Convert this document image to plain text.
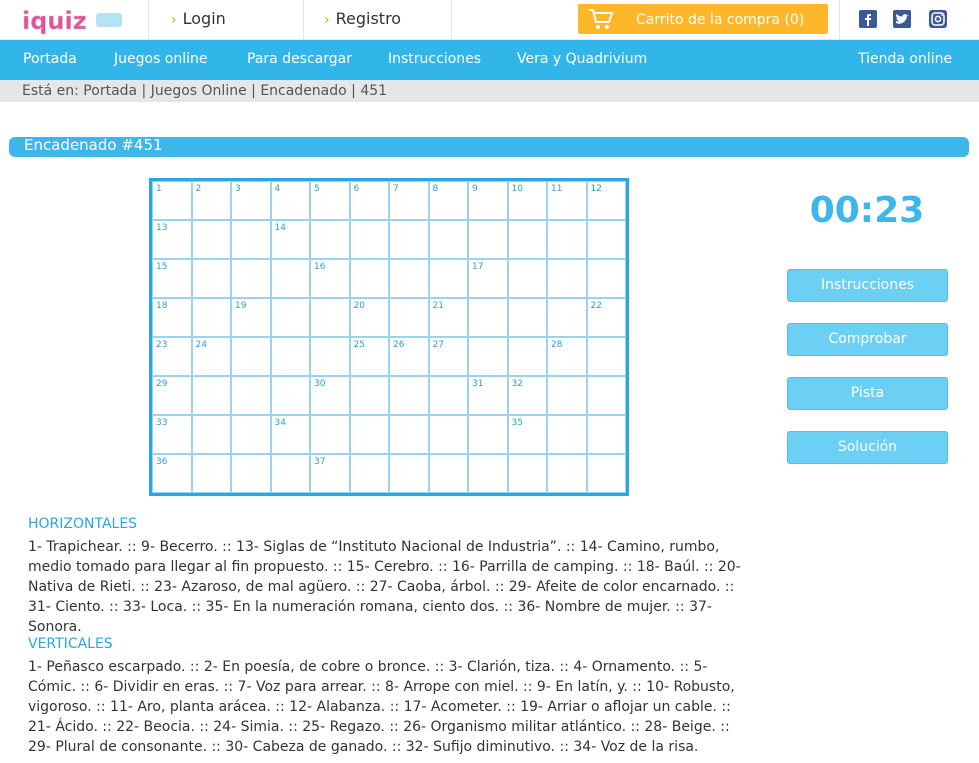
iquiz	› Login	› Registro	Carrito de la compra (0)
Portada	Juegos online	Para descargar	Instrucciones	Vera y Quadrivium	Tienda online
Está en: Portada | Juegos Online | Encadenado | 451
Encadenado #451
1	2	3	4	5	6	7	8	9	10	11	12
13	14
15	16	17
18	19	20	21	22
23	24	25	26	27	28
29	30	31	32
33	34	35
36	37
00:23
Instrucciones
Comprobar
Pista
Solución
HORIZONTALES
1- Trapichear. :: 9- Becerro. :: 13- Siglas de “Instituto Nacional de Industria”. :: 14- Camino, rumbo, medio tomado para llegar al fin propuesto. :: 15- Cerebro. :: 16- Parrilla de camping. :: 18- Baúl. :: 20- Nativa de Rieti. :: 23- Azaroso, de mal agüero. :: 27- Caoba, árbol. :: 29- Afeite de color encarnado. :: 31- Ciento. :: 33- Loca. :: 35- En la numeración romana, ciento dos. :: 36- Nombre de mujer. :: 37- Sonora.
VERTICALES
1- Peñasco escarpado. :: 2- En poesía, de cobre o bronce. :: 3- Clarión, tiza. :: 4- Ornamento. :: 5- Cómic. :: 6- Dividir en eras. :: 7- Voz para arrear. :: 8- Arrope con miel. :: 9- En latín, y. :: 10- Robusto, vigoroso. :: 11- Aro, planta arácea. :: 12- Alabanza. :: 17- Acometer. :: 19- Arriar o aflojar un cable. :: 21- Ácido. :: 22- Beocia. :: 24- Simia. :: 25- Regazo. :: 26- Organismo militar atlántico. :: 28- Beige. :: 29- Plural de consonante. :: 30- Cabeza de ganado. :: 32- Sufijo diminutivo. :: 34- Voz de la risa.
